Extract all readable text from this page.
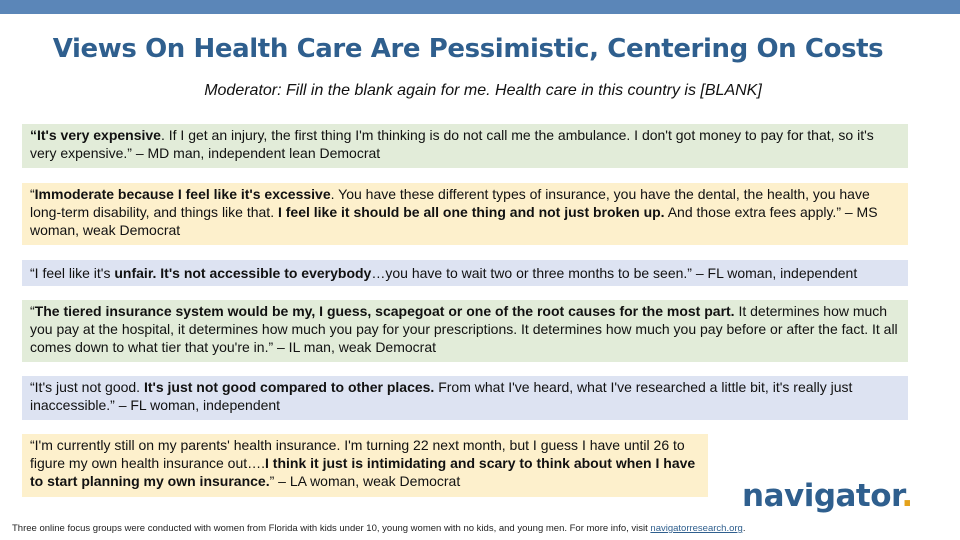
Views On Health Care Are Pessimistic, Centering On Costs
Moderator: Fill in the blank again for me. Health care in this country is [BLANK]
“It's very expensive. If I get an injury, the first thing I'm thinking is do not call me the ambulance. I don't got money to pay for that, so it's very expensive.” – MD man, independent lean Democrat
“Immoderate because I feel like it's excessive. You have these different types of insurance, you have the dental, the health, you have long-term disability, and things like that. I feel like it should be all one thing and not just broken up. And those extra fees apply.” – MS woman, weak Democrat
“I feel like it's unfair. It's not accessible to everybody…you have to wait two or three months to be seen.” – FL woman, independent
“The tiered insurance system would be my, I guess, scapegoat or one of the root causes for the most part. It determines how much you pay at the hospital, it determines how much you pay for your prescriptions. It determines how much you pay before or after the fact. It all comes down to what tier that you're in.” – IL man, weak Democrat
“It's just not good. It's just not good compared to other places. From what I've heard, what I've researched a little bit, it's really just inaccessible.” – FL woman, independent
“I'm currently still on my parents' health insurance. I'm turning 22 next month, but I guess I have until 26 to figure my own health insurance out….I think it just is intimidating and scary to think about when I have to start planning my own insurance.” – LA woman, weak Democrat	navigator.
Three online focus groups were conducted with women from Florida with kids under 10, young women with no kids, and young men. For more info, visit navigatorresearch.org.
